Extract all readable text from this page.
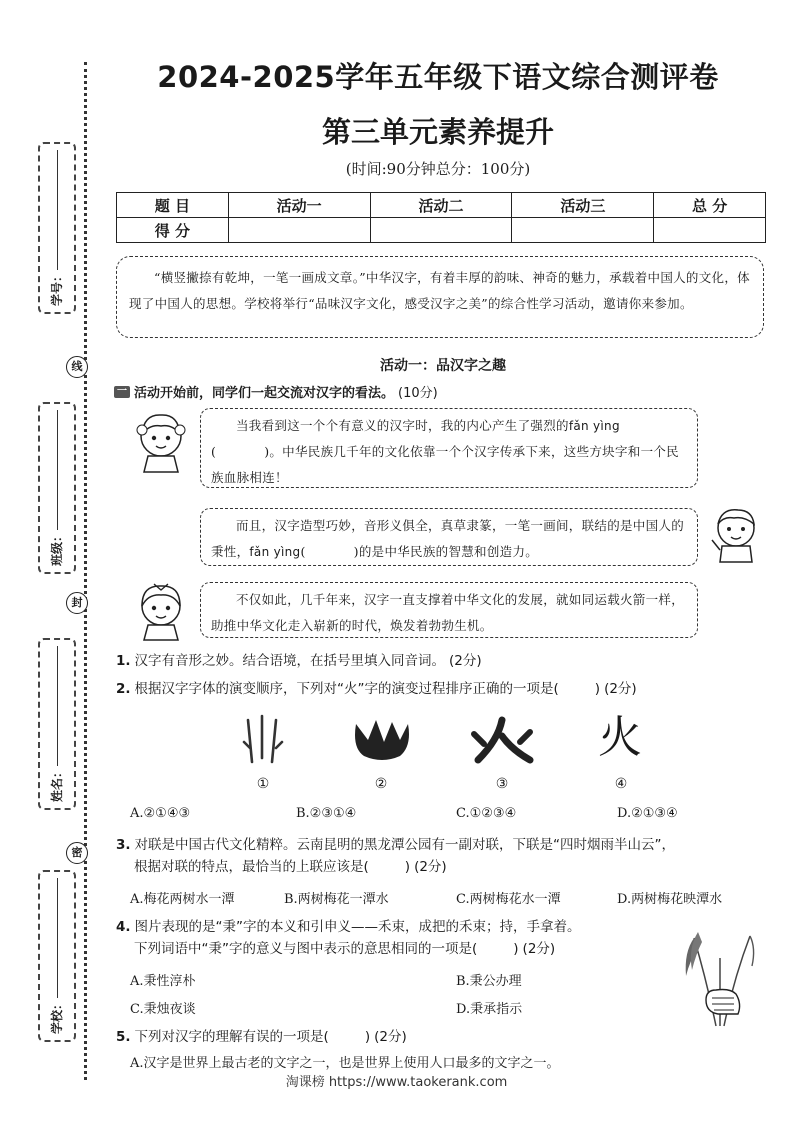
学号：
线
班级：
封
姓名：
密
学校：
2024-2025学年五年级下语文综合测评卷
第三单元素养提升
(时间:90分钟总分：100分)
题 目	活动一	活动二	活动三	总 分
得 分				
“横竖撇捺有乾坤，一笔一画成文章。”中华汉字，有着丰厚的韵味、神奇的魅力，承载着中国人的文化，体现了中国人的思想。学校将举行“品味汉字文化，感受汉字之美”的综合性学习活动，邀请你来参加。
活动一：品汉字之趣
一 活动开始前，同学们一起交流对汉字的看法。 (10分)
当我看到这一个个有意义的汉字时，我的内心产生了强烈的fǎn yìng
(	)。中华民族几千年的文化依靠一个个汉字传承下来，这些方块字和一个民族血脉相连！
而且，汉字造型巧妙，音形义俱全，真草隶篆，一笔一画间，联结的是中国人的秉性，fǎn yìng(	)的是中华民族的智慧和创造力。
不仅如此，几千年来，汉字一直支撑着中华文化的发展，就如同运载火箭一样，助推中华文化走入崭新的时代，焕发着勃勃生机。
1. 汉字有音形之妙。结合语境，在括号里填入同音词。 (2分)
2. 根据汉字字体的演变顺序，下列对“火”字的演变过程排序正确的一项是(	) (2分)
火
①	②	③	④
A.②①④③	B.②③①④	C.①②③④	D.②①③④
3. 对联是中国古代文化精粹。云南昆明的黑龙潭公园有一副对联，下联是“四时烟雨半山云”，
根据对联的特点，最恰当的上联应该是(	) (2分)
A.梅花两树水一潭	B.两树梅花一潭水	C.两树梅花水一潭	D.两树梅花映潭水
4. 图片表现的是“秉”字的本义和引申义——禾束，成把的禾束；持，手拿着。
下列词语中“秉”字的意义与图中表示的意思相同的一项是(	) (2分)
A.秉性淳朴	B.秉公办理
C.秉烛夜谈	D.秉承指示
5. 下列对汉字的理解有误的一项是(	) (2分)
A.汉字是世界上最古老的文字之一，也是世界上使用人口最多的文字之一。
淘课榜 https://www.taokerank.com
